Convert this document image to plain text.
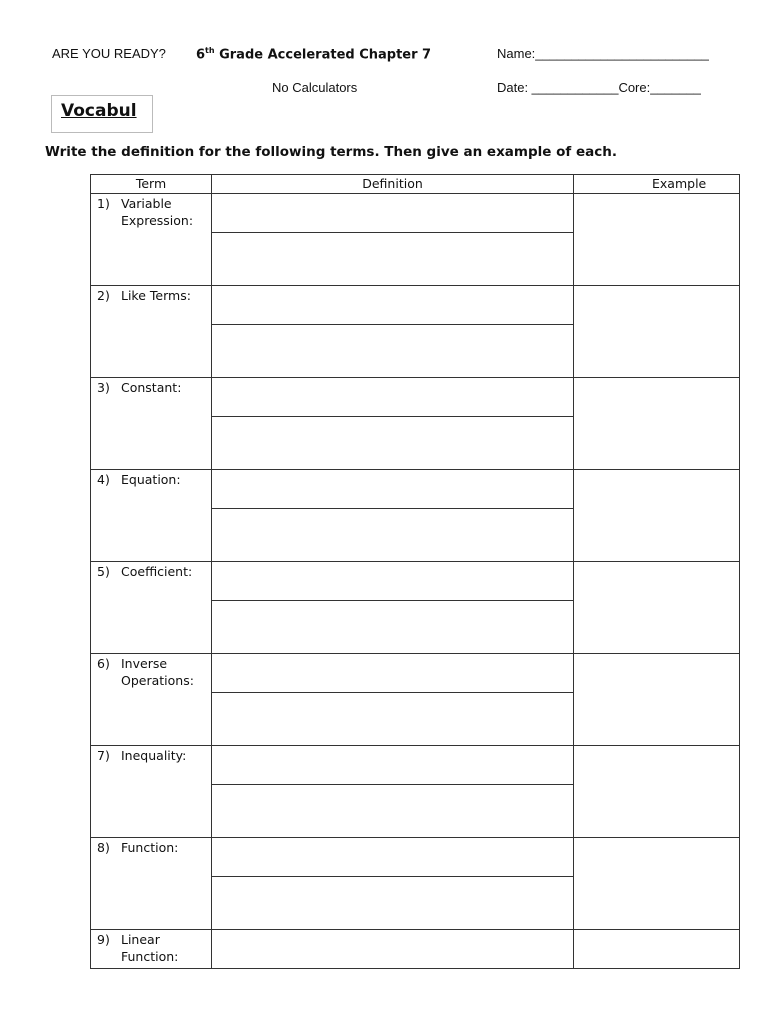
ARE YOU READY? 6th Grade Accelerated Chapter 7	Name:________________________
No Calculators	Date: ____________Core:_______
Vocabul
Write the definition for the following terms. Then give an example of each.
Term	Definition	Example

1) Variable
Expression:		

2) Like Terms:		

3) Constant:		

4) Equation:		

5) Coefficient:		

6) Inverse
Operations:		

7) Inequality:		

8) Function:		

9) Linear
Function:		
